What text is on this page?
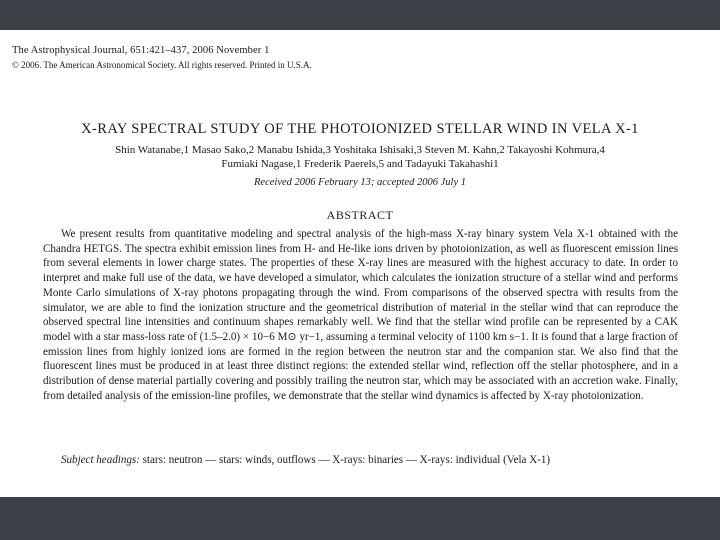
The Astrophysical Journal, 651:421–437, 2006 November 1
© 2006. The American Astronomical Society. All rights reserved. Printed in U.S.A.
X-RAY SPECTRAL STUDY OF THE PHOTOIONIZED STELLAR WIND IN VELA X-1
Shin Watanabe,1 Masao Sako,2 Manabu Ishida,3 Yoshitaka Ishisaki,3 Steven M. Kahn,2 Takayoshi Kohmura,4
Fumiaki Nagase,1 Frederik Paerels,5 and Tadayuki Takahashi1
Received 2006 February 13; accepted 2006 July 1
ABSTRACT

We present results from quantitative modeling and spectral analysis of the high-mass X-ray binary system Vela X-1 obtained with the Chandra HETGS. The spectra exhibit emission lines from H- and He-like ions driven by photoionization, as well as fluorescent emission lines from several elements in lower charge states. The properties of these X-ray lines are measured with the highest accuracy to date. In order to interpret and make full use of the data, we have developed a simulator, which calculates the ionization structure of a stellar wind and performs Monte Carlo simulations of X-ray photons propagating through the wind. From comparisons of the observed spectra with results from the simulator, we are able to find the ionization structure and the geometrical distribution of material in the stellar wind that can reproduce the observed spectral line intensities and continuum shapes remarkably well. We find that the stellar wind profile can be represented by a CAK model with a star mass-loss rate of (1.5–2.0) × 10−6 M⊙ yr−1, assuming a terminal velocity of 1100 km s−1. It is found that a large fraction of emission lines from highly ionized ions are formed in the region between the neutron star and the companion star. We also find that the fluorescent lines must be produced in at least three distinct regions: the extended stellar wind, reflection off the stellar photosphere, and in a distribution of dense material partially covering and possibly trailing the neutron star, which may be associated with an accretion wake. Finally, from detailed analysis of the emission-line profiles, we demonstrate that the stellar wind dynamics is affected by X-ray photoionization.

Subject headings: stars: neutron — stars: winds, outflows — X-rays: binaries — X-rays: individual (Vela X-1)
